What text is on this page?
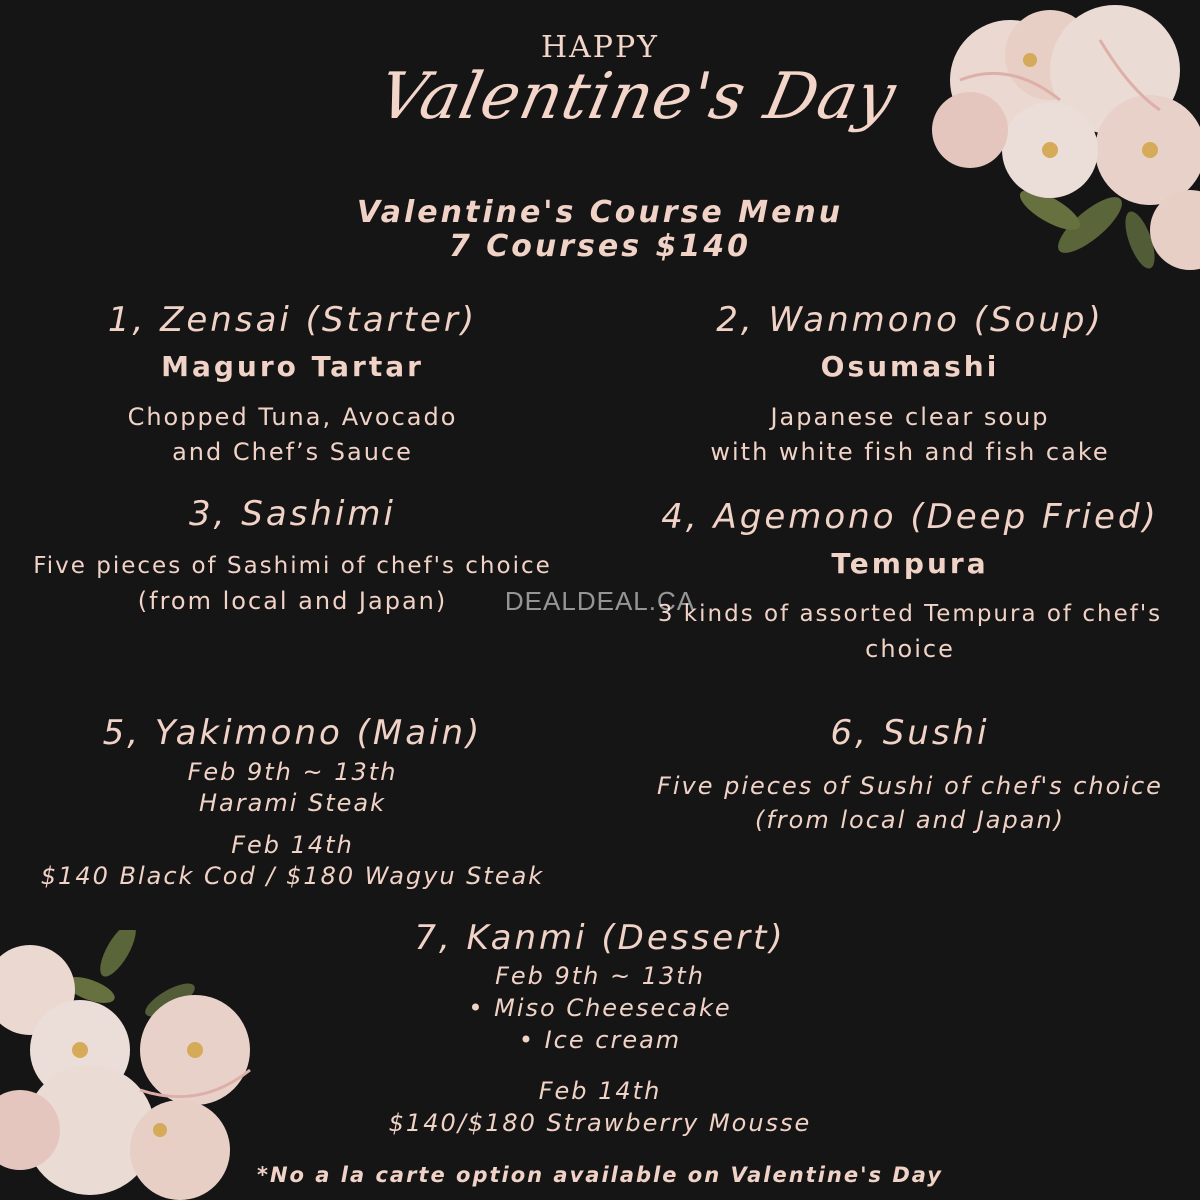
HAPPY
Valentine's Day
Valentine's Course Menu
7 Courses $140
1, Zensai (Starter)
Maguro Tartar
Chopped Tuna, Avocado
and Chef’s Sauce
2, Wanmono (Soup)
Osumashi
Japanese clear soup
with white fish and fish cake
3, Sashimi
Five pieces of Sashimi of chef's choice
(from local and Japan)
4, Agemono (Deep Fried)
Tempura
3 kinds of assorted Tempura of chef's
choice
DEALDEAL.CA
5, Yakimono (Main)
Feb 9th ~ 13th
Harami Steak
Feb 14th
$140 Black Cod / $180 Wagyu Steak
6, Sushi
Five pieces of Sushi of chef's choice
(from local and Japan)
7, Kanmi (Dessert)
Feb 9th ~ 13th
• Miso Cheesecake
• Ice cream
Feb 14th
$140/$180 Strawberry Mousse
*No a la carte option available on Valentine's Day
